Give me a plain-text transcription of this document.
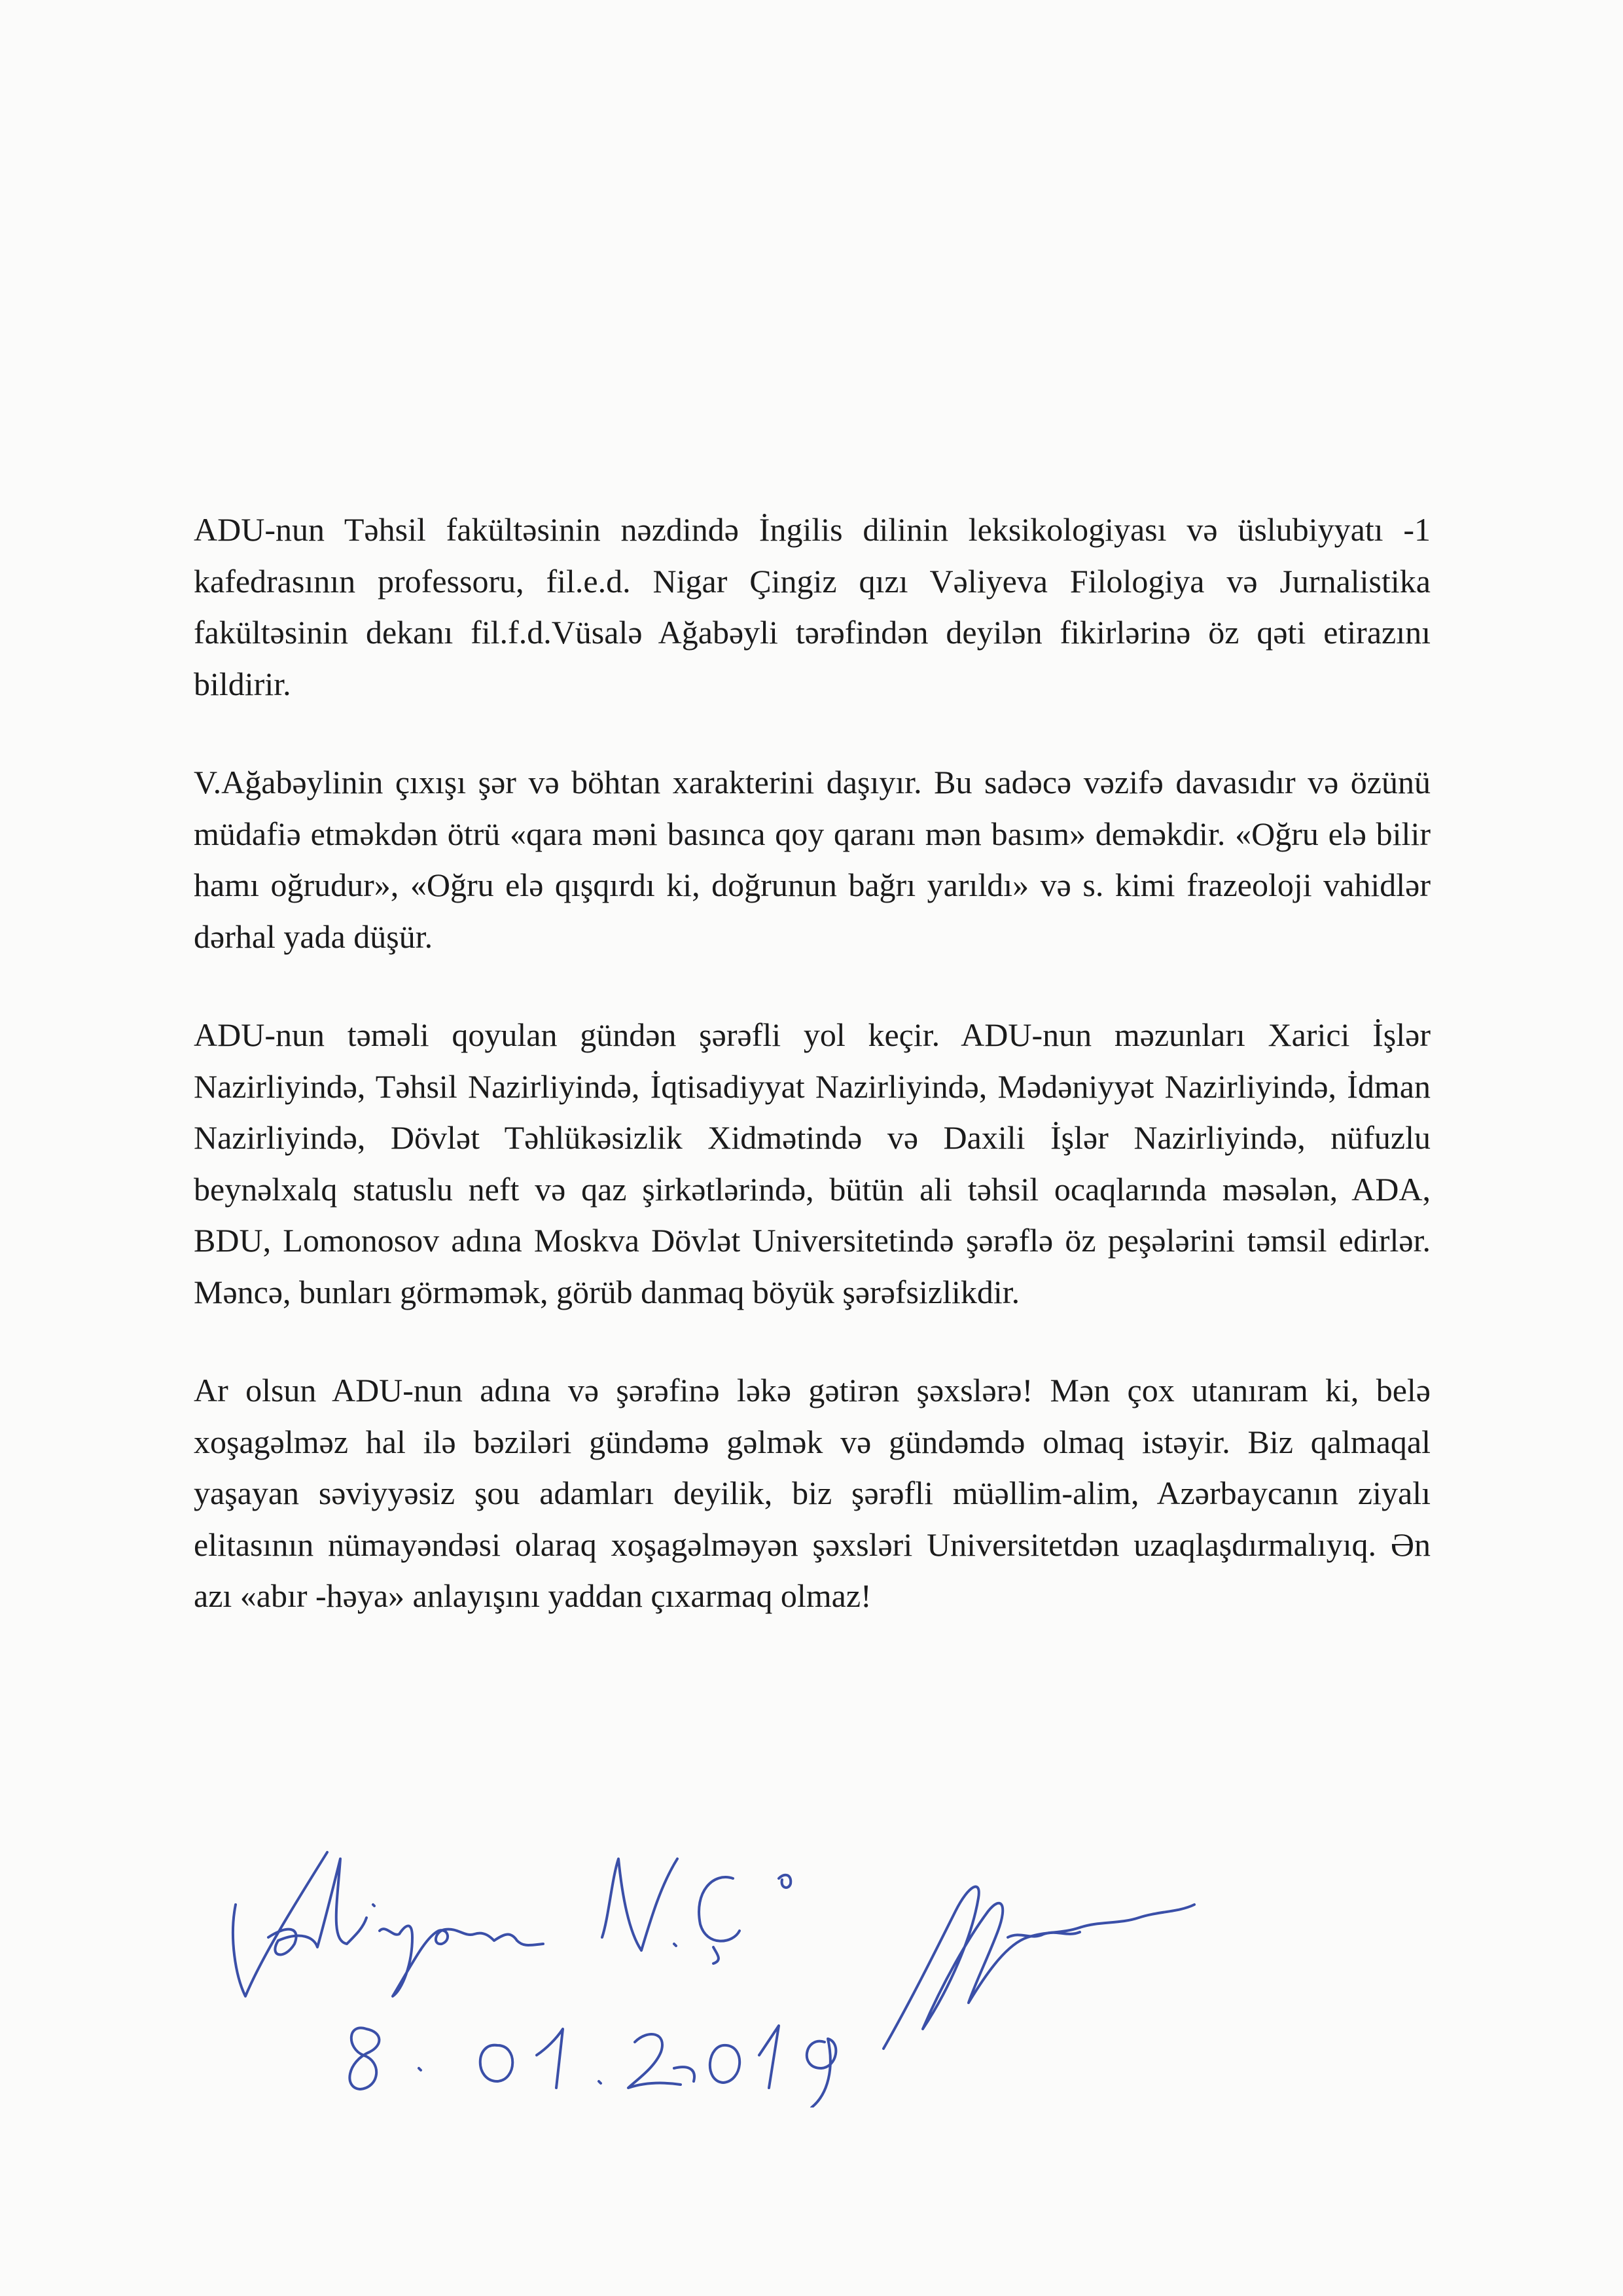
ADU-nun Təhsil fakültəsinin nəzdində İngilis dilinin leksikologiyası və üslubiyyatı -1 kafedrasının professoru, fil.e.d. Nigar Çingiz qızı Vəliyeva Filologiya və Jurnalistika fakültəsinin dekanı fil.f.d.Vüsalə Ağabəyli tərəfindən deyilən fikirlərinə öz qəti etirazını bildirir.

V.Ağabəylinin çıxışı şər və böhtan xarakterini daşıyır. Bu sadəcə vəzifə davasıdır və özünü müdafiə etməkdən ötrü «qara məni basınca qoy qaranı mən basım» deməkdir. «Oğru elə bilir hamı oğrudur», «Oğru elə qışqırdı ki, doğrunun bağrı yarıldı» və s. kimi frazeoloji vahidlər dərhal yada düşür.

ADU-nun təməli qoyulan gündən şərəfli yol keçir. ADU-nun məzunları Xarici İşlər Nazirliyində, Təhsil Nazirliyində, İqtisadiyyat Nazirliyində, Mədəniyyət Nazirliyində, İdman Nazirliyində, Dövlət Təhlükəsizlik Xidmətində və Daxili İşlər Nazirliyində, nüfuzlu beynəlxalq statuslu neft və qaz şirkətlərində, bütün ali təhsil ocaqlarında məsələn, ADA, BDU, Lomonosov adına Moskva Dövlət Universitetində şərəflə öz peşələrini təmsil edirlər. Məncə, bunları görməmək, görüb danmaq böyük şərəfsizlikdir.

Ar olsun ADU-nun adına və şərəfinə ləkə gətirən şəxslərə! Mən çox utanıram ki, belə xoşagəlməz hal ilə bəziləri gündəmə gəlmək və gündəmdə olmaq istəyir. Biz qalmaqal yaşayan səviyyəsiz şou adamları deyilik, biz şərəfli müəllim-alim, Azərbaycanın ziyalı elitasının nümayəndəsi olaraq xoşagəlməyən şəxsləri Universitetdən uzaqlaşdırmalıyıq. Ən azı «abır -həya» anlayışını yaddan çıxarmaq olmaz!
